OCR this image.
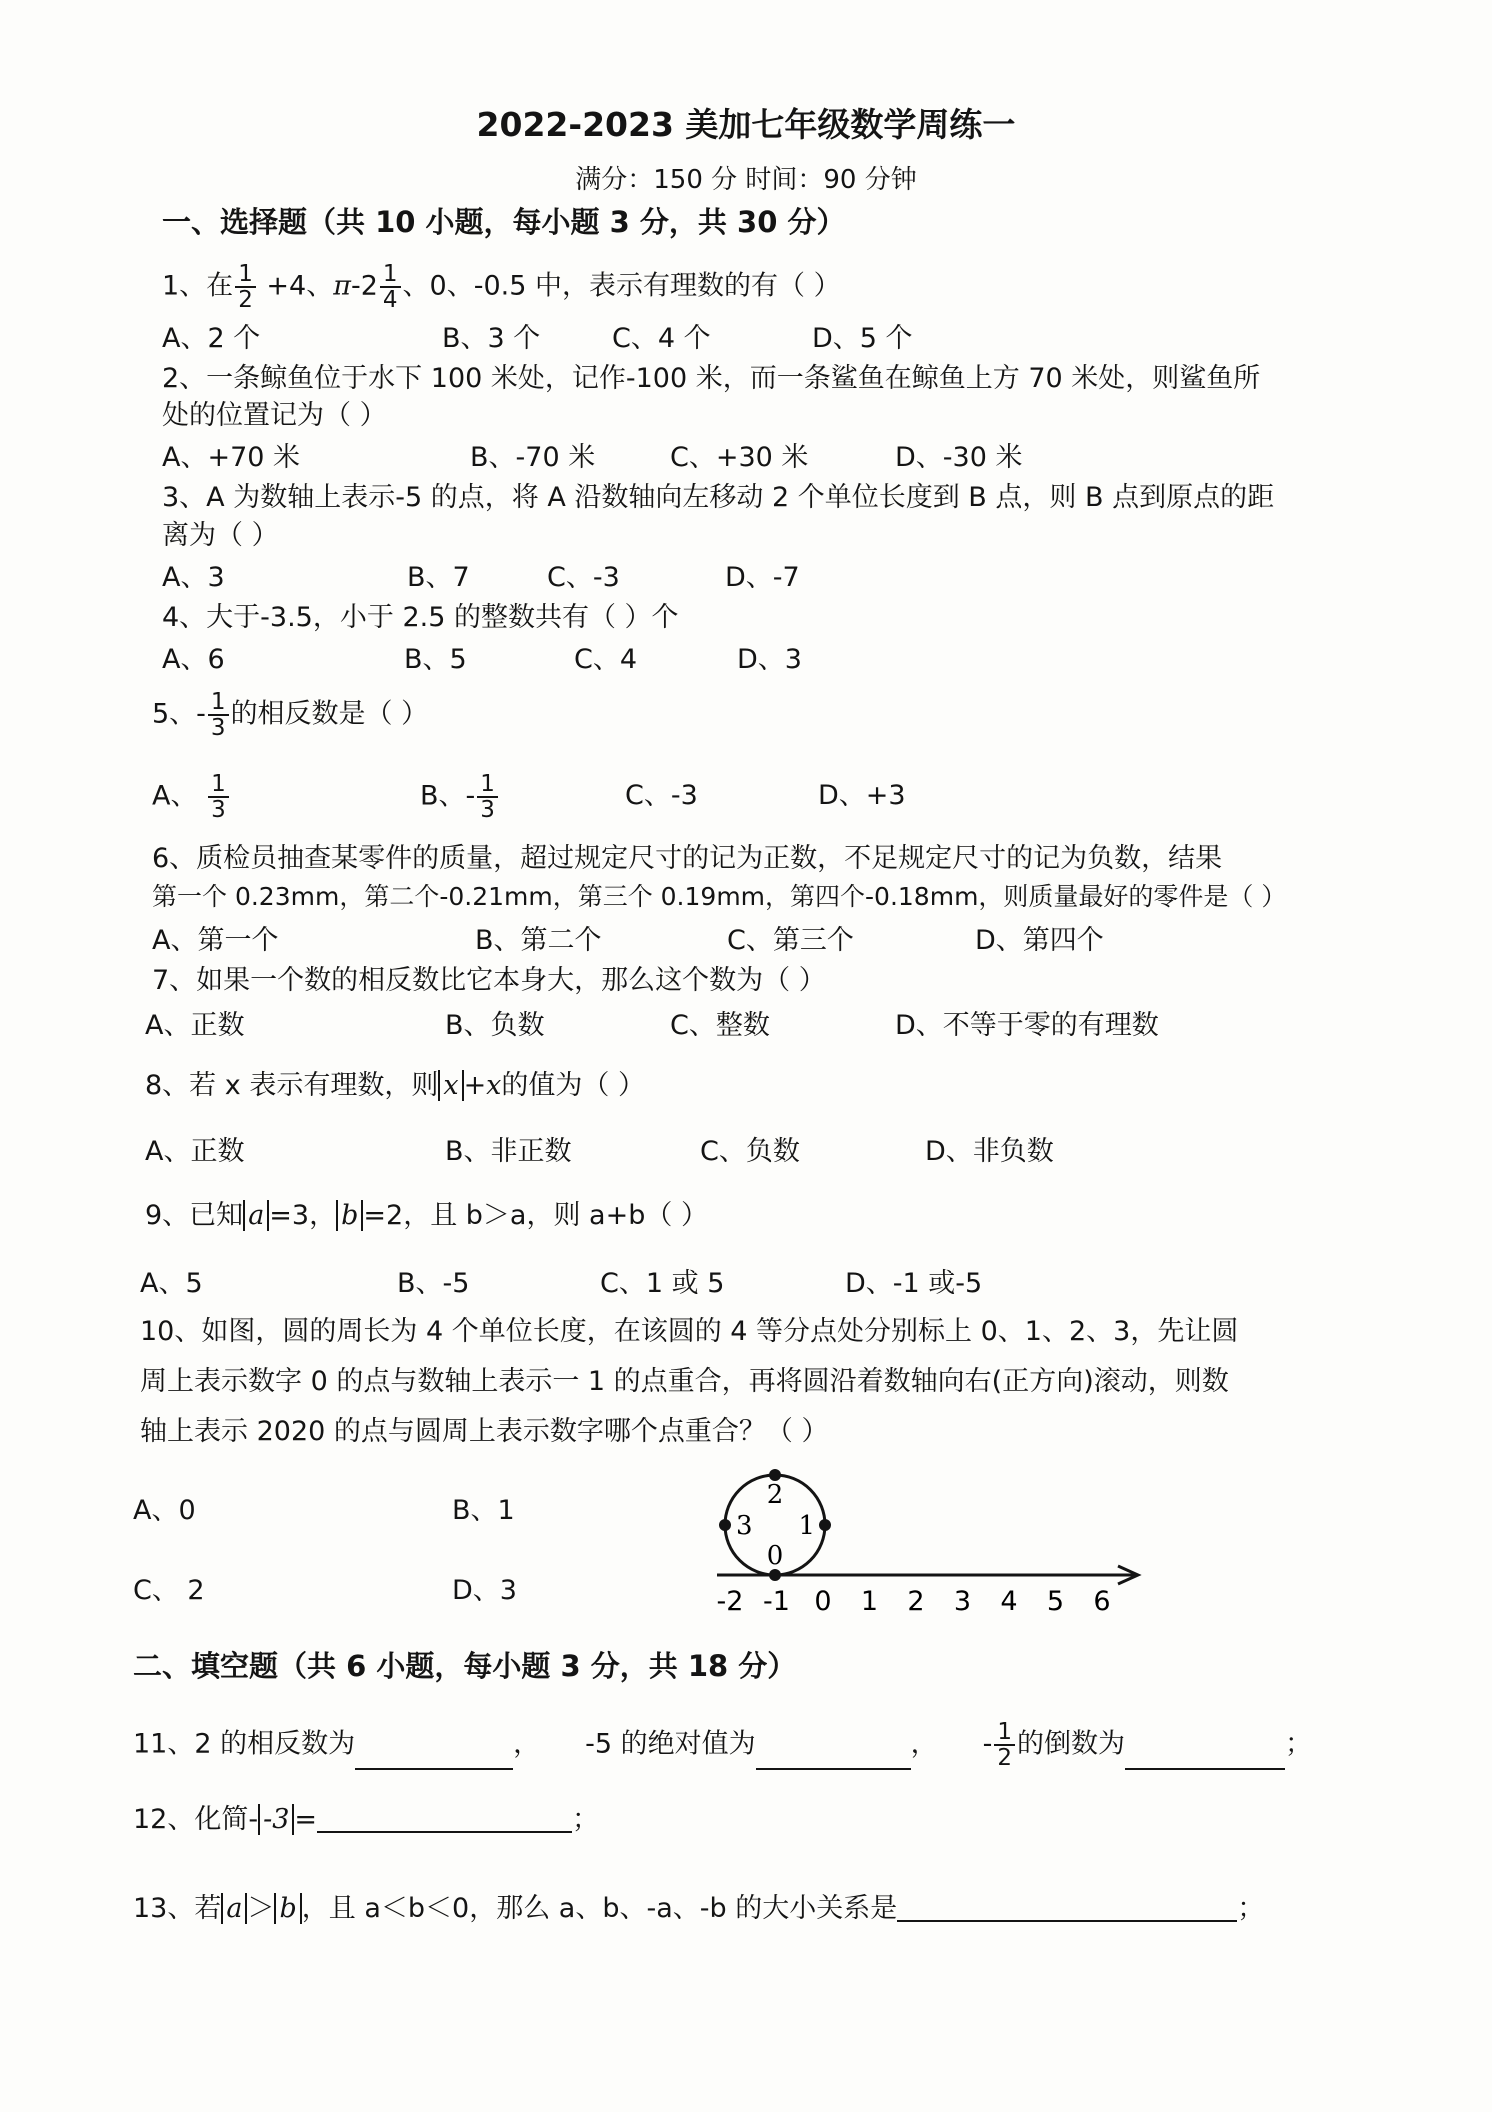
2022-2023 美加七年级数学周练一
满分：150 分 时间：90 分钟
一、选择题（共 10 小题，每小题 3 分，共 30 分）
1、在 $\frac{1}{2} +4$、$\pi-2 \frac{1}{4}$ 、0、-0.5 中，表示有理数的有（ ）
A、2 个	B、3 个	C、4 个	D、5 个
2、一条鲸鱼位于水下 100 米处，记作-100 米，而一条鲨鱼在鲸鱼上方 70 米处，则鲨鱼所
处的位置记为（ ）
A、+70 米	B、-70 米	C、+30 米	D、-30 米
3、A 为数轴上表示-5 的点，将 A 沿数轴向左移动 2 个单位长度到 B 点，则 B 点到原点的距
离为（ ）
A、3	B、7	C、-3	D、-7
4、大于-3.5，小于 2.5 的整数共有（ ）个
A、6	B、5	C、4	D、3
5、- $\frac{1}{3}$ 的相反数是（ ）
A、 $\frac{1}{3}$	B、- $\frac{1}{3}$	C、-3	D、+3
6、质检员抽查某零件的质量，超过规定尺寸的记为正数，不足规定尺寸的记为负数，结果
第一个 0.23mm，第二个-0.21mm，第三个 0.19mm，第四个-0.18mm，则质量最好的零件是（ ）
A、第一个	B、第二个	C、第三个	D、第四个
7、如果一个数的相反数比它本身大，那么这个数为（ ）
A、正数	B、负数	C、整数	D、不等于零的有理数
8、若 x 表示有理数，则 x +x的值为（ ）
A、正数	B、非正数	C、负数	D、非负数
9、已知 a =3， b =2，且 b＞a，则 a+b（ ）
A、5	B、-5	C、1 或 5	D、-1 或-5
10、如图，圆的周长为 4 个单位长度，在该圆的 4 等分点处分别标上 0、1、2、3，先让圆
周上表示数字 0 的点与数轴上表示一 1 的点重合，再将圆沿着数轴向右(正方向)滚动，则数
轴上表示 2020 的点与圆周上表示数字哪个点重合？（ ）
A、0	B、1
C、 2	D、3
2
1
3
0
-2 -1 0 1 2 3 4 5 6
二、填空题（共 6 小题，每小题 3 分，共 18 分）
11、2 的相反数为	， -5 的绝对值为	， - $\frac{1}{2}$ 的倒数为	；
12、化简- -3 =	；
13、若 a ＞ b ，且 a＜b＜0，那么 a、b、-a、-b 的大小关系是	；
